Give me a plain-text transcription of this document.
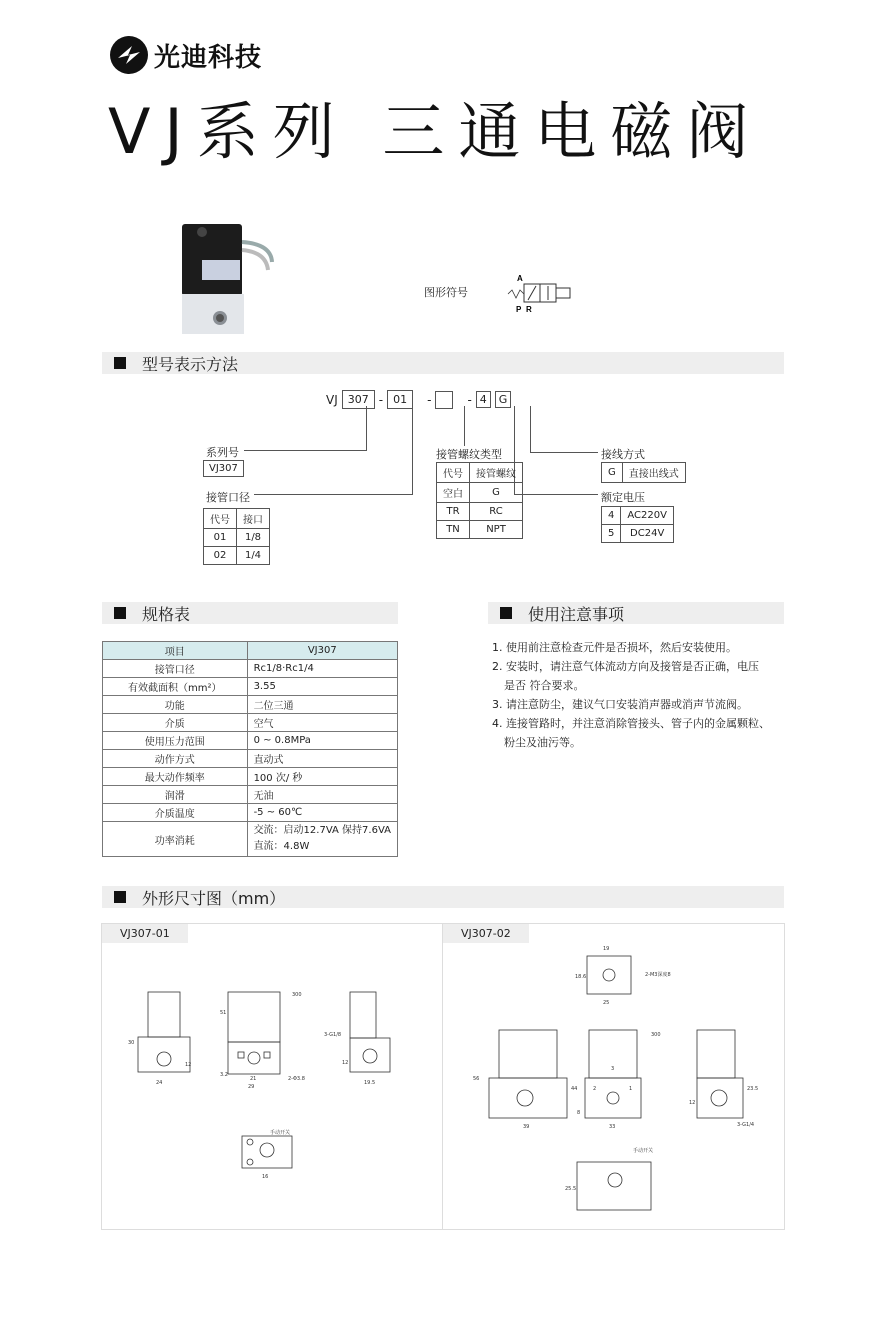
光迪科技
VJ系列 三通电磁阀
图形符号
A
P R
型号表示方法
VJ 307 - 01	-	- 4	G
系列号
VJ307
接管口径
代号	接口
01	1/8
02	1/4
接管螺纹类型
代号	接管螺纹
空白	G
TR	RC
TN	NPT
接线方式
G	直接出线式
额定电压
4	AC220V
5	DC24V
规格表
项目	VJ307
接管口径	Rc1/8·Rc1/4
有效截面积（mm²）	3.55
功能	二位三通
介质	空气
使用压力范围	0 ~ 0.8MPa
动作方式	直动式
最大动作频率	100 次/ 秒
润滑	无油
介质温度	-5 ~ 60℃
功率消耗	交流：启动12.7VA 保持7.6VA
直流：4.8W
使用注意事项
1. 使用前注意检查元件是否损坏，然后安装使用。
2. 安装时，请注意气体流动方向及接管是否正确，电压
是否 符合要求。
3. 请注意防尘，建议气口安装消声器或消声节流阀。
4. 连接管路时，并注意消除管接头、管子内的金属颗粒、
粉尘及油污等。
外形尺寸图（mm）
VJ307-01
30
12
24
51
300
3-G1/8
21
29
3.2
2-Φ3.8
19.5
12
手动开关
16
VJ307-02
19
18.6	2-M3深度8
25
56
44
39
300
33
8
12
23.5
3-G1/4
手动开关
25.5
2
3
1
